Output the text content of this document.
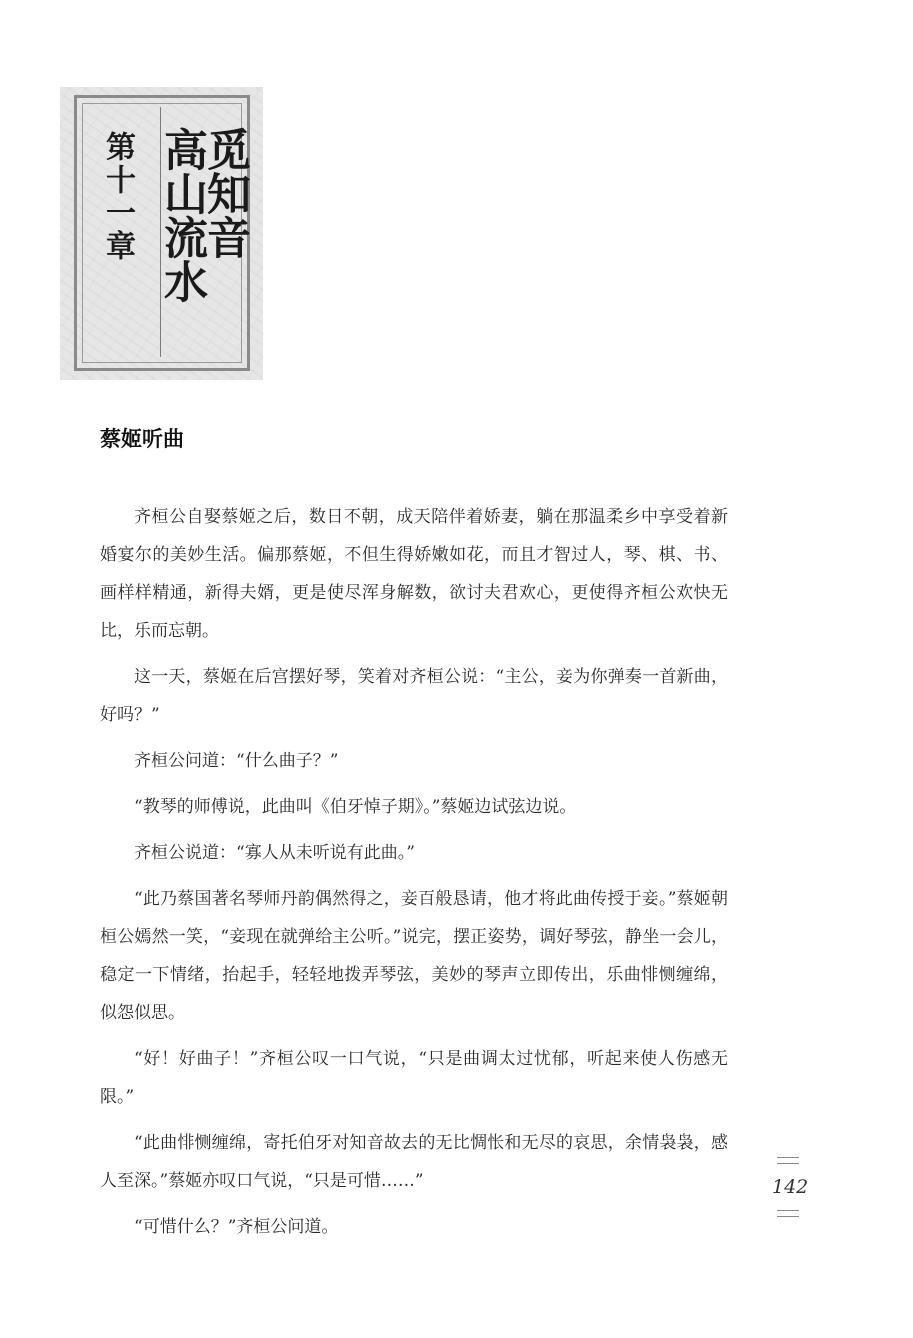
第十一章 高山流水
觅知音
蔡姬听曲

齐桓公自娶蔡姬之后，数日不朝，成天陪伴着娇妻，躺在那温柔乡中享受着新婚宴尔的美妙生活。偏那蔡姬，不但生得娇嫩如花，而且才智过人，琴、棋、书、画样样精通，新得夫婿，更是使尽浑身解数，欲讨夫君欢心，更使得齐桓公欢快无比，乐而忘朝。

这一天，蔡姬在后宫摆好琴，笑着对齐桓公说：“主公，妾为你弹奏一首新曲，好吗？”

齐桓公问道：“什么曲子？”

“教琴的师傅说，此曲叫《伯牙悼子期》。”蔡姬边试弦边说。

齐桓公说道：“寡人从未听说有此曲。”

“此乃蔡国著名琴师丹韵偶然得之，妾百般恳请，他才将此曲传授于妾。”蔡姬朝桓公嫣然一笑，“妾现在就弹给主公听。”说完，摆正姿势，调好琴弦，静坐一会儿，稳定一下情绪，抬起手，轻轻地拨弄琴弦，美妙的琴声立即传出，乐曲悱恻缠绵，似怨似思。

“好！好曲子！”齐桓公叹一口气说，“只是曲调太过忧郁，听起来使人伤感无限。”

“此曲悱恻缠绵，寄托伯牙对知音故去的无比惆怅和无尽的哀思，余情袅袅，感人至深。”蔡姬亦叹口气说，“只是可惜……”

“可惜什么？”齐桓公问道。

142
